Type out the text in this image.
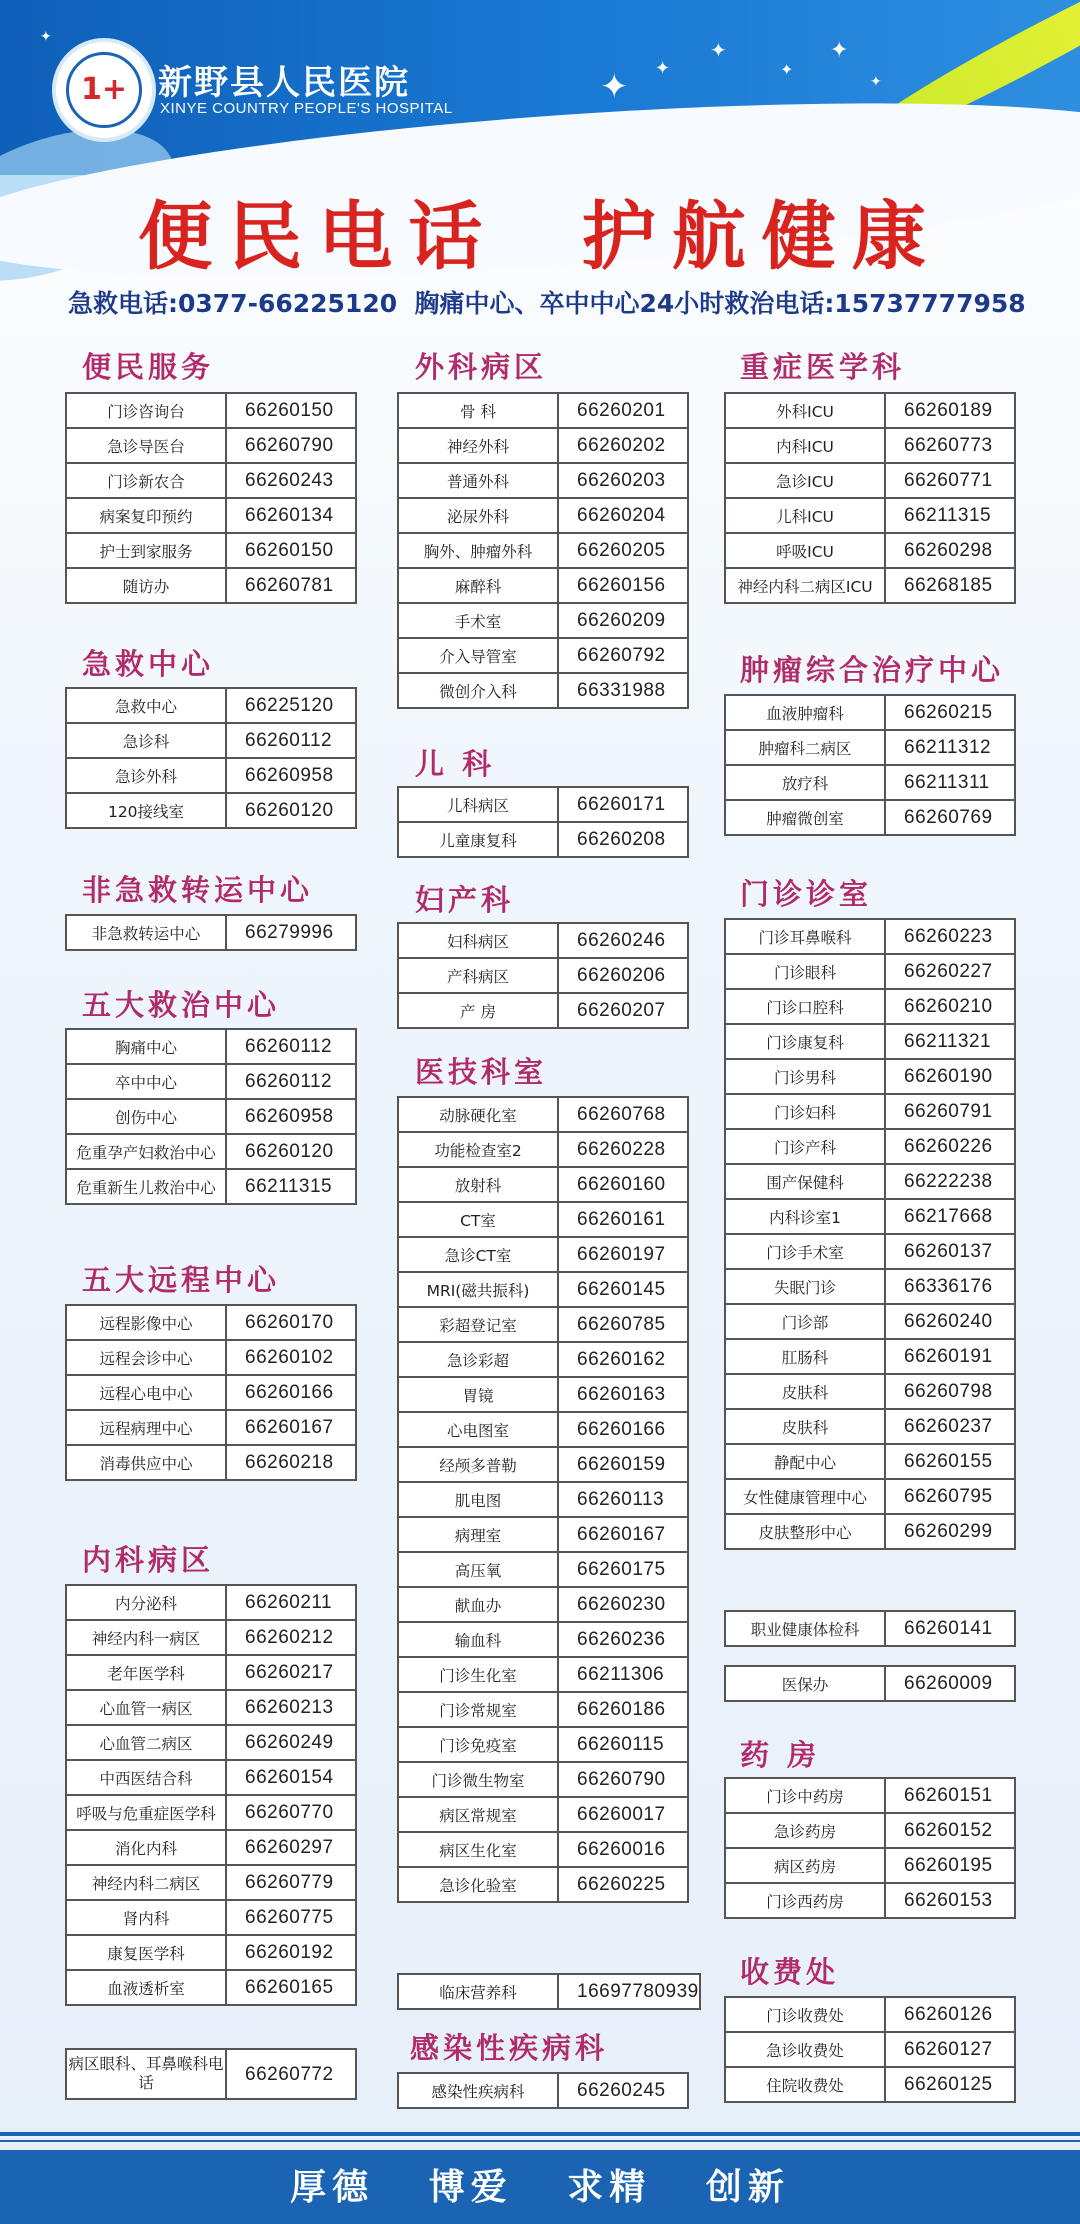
✦ ✦
✦
✦
✦
✦
✦
1+ 新野县人民医院
XINYE COUNTRY PEOPLE'S HOSPITAL
便民电话  护航健康
急救电话:0377-66225120  胸痛中心、卒中中心24小时救治电话:15737777958
便民服务
门诊咨询台	66260150
急诊导医台	66260790
门诊新农合	66260243
病案复印预约	66260134
护士到家服务	66260150
随访办	66260781
急救中心
急救中心	66225120
急诊科	66260112
急诊外科	66260958
120接线室	66260120
非急救转运中心
非急救转运中心	66279996
五大救治中心
胸痛中心	66260112
卒中中心	66260112
创伤中心	66260958
危重孕产妇救治中心	66260120
危重新生儿救治中心	66211315
五大远程中心
远程影像中心	66260170
远程会诊中心	66260102
远程心电中心	66260166
远程病理中心	66260167
消毒供应中心	66260218
内科病区
内分泌科	66260211
神经内科一病区	66260212
老年医学科	66260217
心血管一病区	66260213
心血管二病区	66260249
中西医结合科	66260154
呼吸与危重症医学科	66260770
消化内科	66260297
神经内科二病区	66260779
肾内科	66260775
康复医学科	66260192
血液透析室	66260165
病区眼科、耳鼻喉科电话	66260772
外科病区
骨 科	66260201
神经外科	66260202
普通外科	66260203
泌尿外科	66260204
胸外、肿瘤外科	66260205
麻醉科	66260156
手术室	66260209
介入导管室	66260792
微创介入科	66331988
儿 科
儿科病区	66260171
儿童康复科	66260208
妇产科
妇科病区	66260246
产科病区	66260206
产 房	66260207
医技科室
动脉硬化室	66260768
功能检查室2	66260228
放射科	66260160
CT室	66260161
急诊CT室	66260197
MRI(磁共振科)	66260145
彩超登记室	66260785
急诊彩超	66260162
胃镜	66260163
心电图室	66260166
经颅多普勒	66260159
肌电图	66260113
病理室	66260167
高压氧	66260175
献血办	66260230
输血科	66260236
门诊生化室	66211306
门诊常规室	66260186
门诊免疫室	66260115
门诊微生物室	66260790
病区常规室	66260017
病区生化室	66260016
急诊化验室	66260225
临床营养科	16697780939
感染性疾病科
感染性疾病科	66260245
重症医学科
外科ICU	66260189
内科ICU	66260773
急诊ICU	66260771
儿科ICU	66211315
呼吸ICU	66260298
神经内科二病区ICU	66268185
肿瘤综合治疗中心
血液肿瘤科	66260215
肿瘤科二病区	66211312
放疗科	66211311
肿瘤微创室	66260769
门诊诊室
门诊耳鼻喉科	66260223
门诊眼科	66260227
门诊口腔科	66260210
门诊康复科	66211321
门诊男科	66260190
门诊妇科	66260791
门诊产科	66260226
围产保健科	66222238
内科诊室1	66217668
门诊手术室	66260137
失眠门诊	66336176
门诊部	66260240
肛肠科	66260191
皮肤科	66260798
皮肤科	66260237
静配中心	66260155
女性健康管理中心	66260795
皮肤整形中心	66260299
职业健康体检科	66260141
医保办	66260009
药 房
门诊中药房	66260151
急诊药房	66260152
病区药房	66260195
门诊西药房	66260153
收费处
门诊收费处	66260126
急诊收费处	66260127
住院收费处	66260125
厚德 博爱 求精 创新
